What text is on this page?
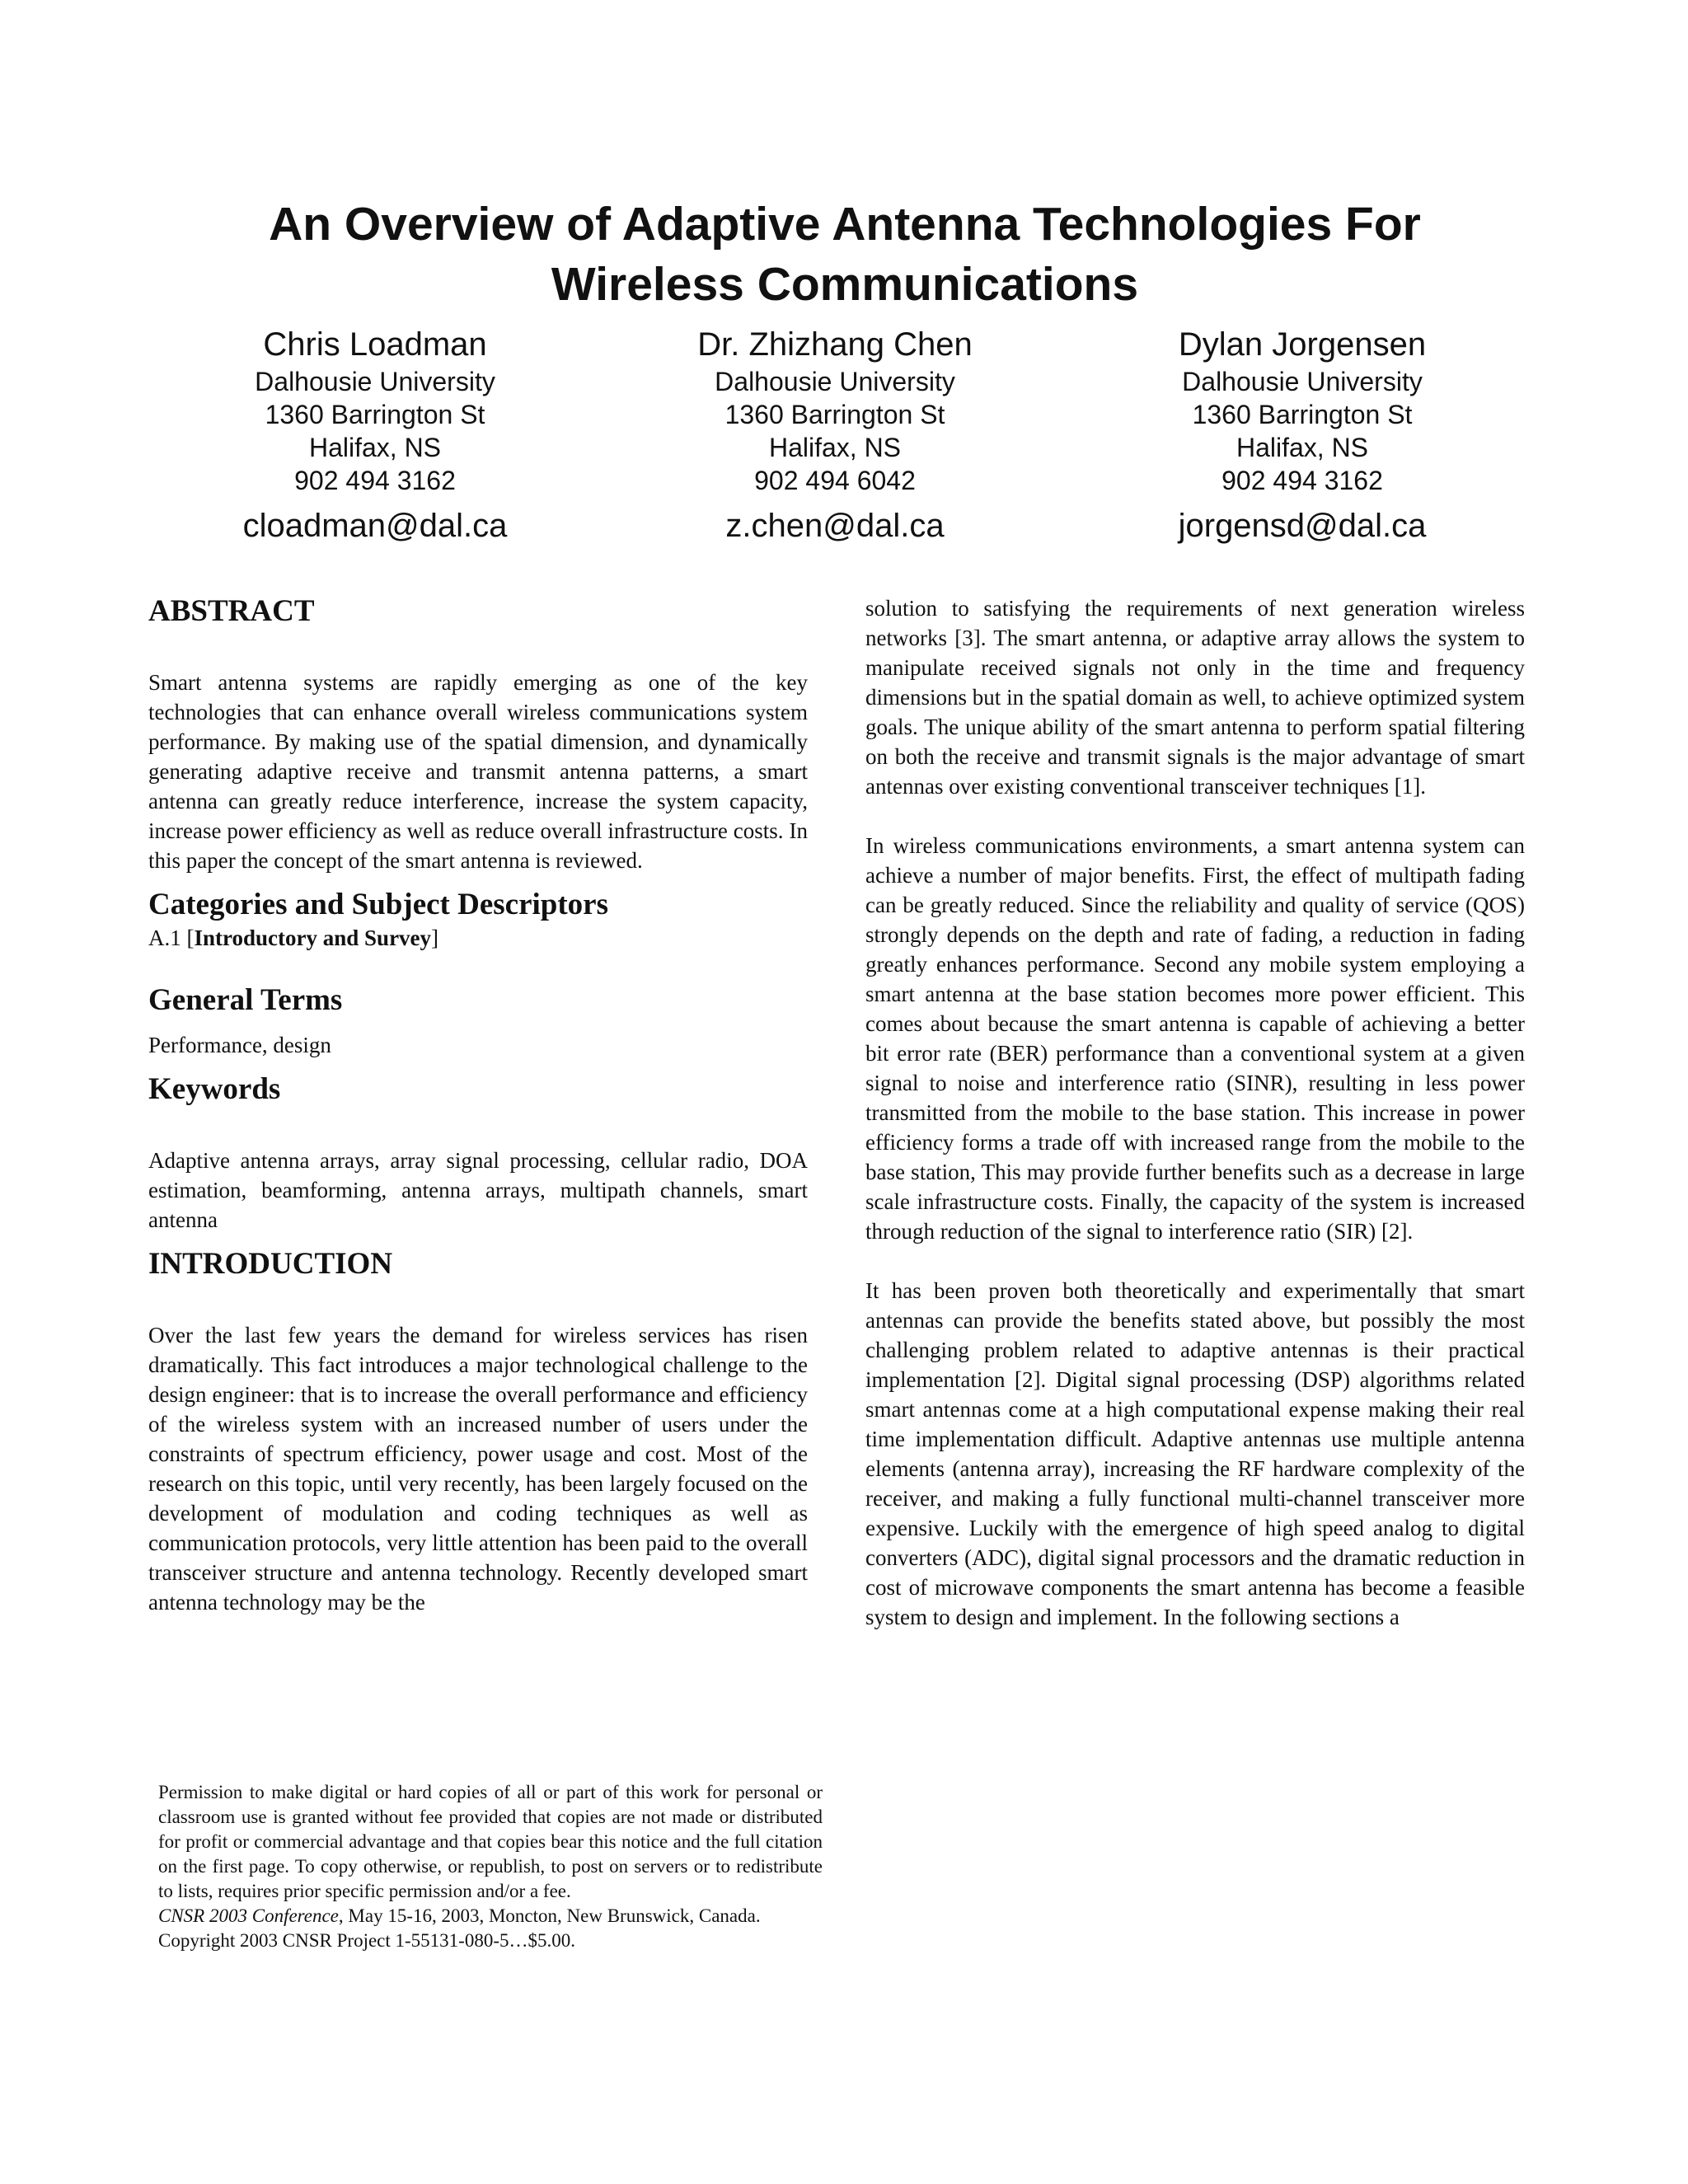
An Overview of Adaptive Antenna Technologies For
Wireless Communications
Chris Loadman
Dalhousie University
1360 Barrington St
Halifax, NS
902 494 3162
cloadman@dal.ca
Dr. Zhizhang Chen
Dalhousie University
1360 Barrington St
Halifax, NS
902 494 6042
z.chen@dal.ca
Dylan Jorgensen
Dalhousie University
1360 Barrington St
Halifax, NS
902 494 3162
jorgensd@dal.ca
ABSTRACT

Smart antenna systems are rapidly emerging as one of the key technologies that can enhance overall wireless communications system performance. By making use of the spatial dimension, and dynamically generating adaptive receive and transmit antenna patterns, a smart antenna can greatly reduce interference, increase the system capacity, increase power efficiency as well as reduce overall infrastructure costs. In this paper the concept of the smart antenna is reviewed.

Categories and Subject Descriptors

A.1 [Introductory and Survey]

General Terms

Performance, design

Keywords

Adaptive antenna arrays, array signal processing, cellular radio, DOA estimation, beamforming, antenna arrays, multipath channels, smart antenna

INTRODUCTION

Over the last few years the demand for wireless services has risen dramatically. This fact introduces a major technological challenge to the design engineer: that is to increase the overall performance and efficiency of the wireless system with an increased number of users under the constraints of spectrum efficiency, power usage and cost. Most of the research on this topic, until very recently, has been largely focused on the development of modulation and coding techniques as well as communication protocols, very little attention has been paid to the overall transceiver structure and antenna technology. Recently developed smart antenna technology may be the

Permission to make digital or hard copies of all or part of this work for personal or classroom use is granted without fee provided that copies are not made or distributed for profit or commercial advantage and that copies bear this notice and the full citation on the first page. To copy otherwise, or republish, to post on servers or to redistribute to lists, requires prior specific permission and/or a fee.

CNSR 2003 Conference, May 15-16, 2003, Moncton, New Brunswick, Canada.

Copyright 2003 CNSR Project 1-55131-080-5…$5.00.

solution to satisfying the requirements of next generation wireless networks [3]. The smart antenna, or adaptive array allows the system to manipulate received signals not only in the time and frequency dimensions but in the spatial domain as well, to achieve optimized system goals. The unique ability of the smart antenna to perform spatial filtering on both the receive and transmit signals is the major advantage of smart antennas over existing conventional transceiver techniques [1].

In wireless communications environments, a smart antenna system can achieve a number of major benefits. First, the effect of multipath fading can be greatly reduced. Since the reliability and quality of service (QOS) strongly depends on the depth and rate of fading, a reduction in fading greatly enhances performance. Second any mobile system employing a smart antenna at the base station becomes more power efficient. This comes about because the smart antenna is capable of achieving a better bit error rate (BER) performance than a conventional system at a given signal to noise and interference ratio (SINR), resulting in less power transmitted from the mobile to the base station. This increase in power efficiency forms a trade off with increased range from the mobile to the base station, This may provide further benefits such as a decrease in large scale infrastructure costs. Finally, the capacity of the system is increased through reduction of the signal to interference ratio (SIR) [2].

It has been proven both theoretically and experimentally that smart antennas can provide the benefits stated above, but possibly the most challenging problem related to adaptive antennas is their practical implementation [2]. Digital signal processing (DSP) algorithms related smart antennas come at a high computational expense making their real time implementation difficult. Adaptive antennas use multiple antenna elements (antenna array), increasing the RF hardware complexity of the receiver, and making a fully functional multi-channel transceiver more expensive. Luckily with the emergence of high speed analog to digital converters (ADC), digital signal processors and the dramatic reduction in cost of microwave components the smart antenna has become a feasible system to design and implement. In the following sections a
